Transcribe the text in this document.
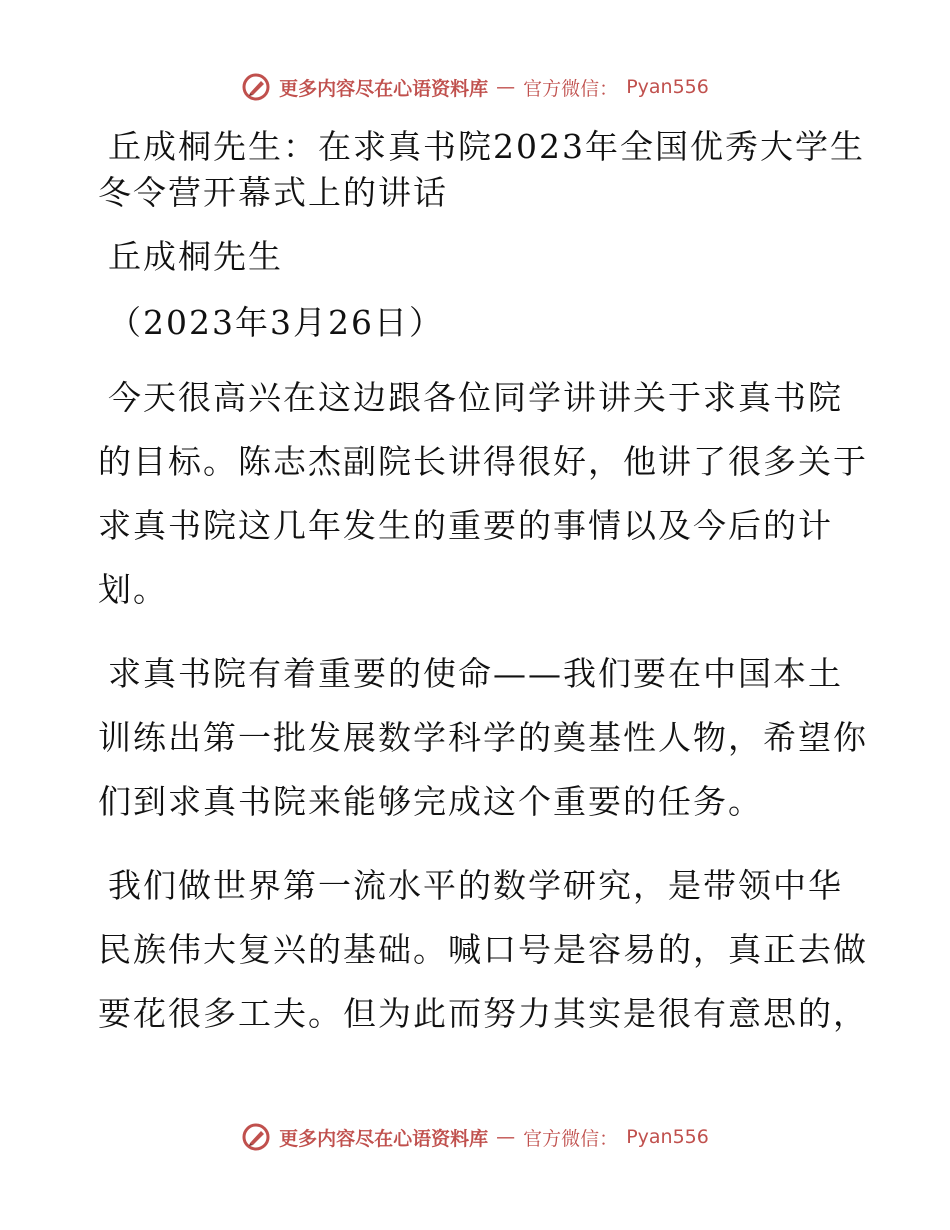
更多内容尽在心语资料库 — 官方微信： Pyan556
丘成桐先生：在求真书院2023年全国优秀大学生
冬令营开幕式上的讲话
丘成桐先生
（2023年3月26日）
今天很高兴在这边跟各位同学讲讲关于求真书院
的目标。陈志杰副院长讲得很好，他讲了很多关于
求真书院这几年发生的重要的事情以及今后的计
划。
求真书院有着重要的使命——我们要在中国本土
训练出第一批发展数学科学的奠基性人物，希望你
们到求真书院来能够完成这个重要的任务。
我们做世界第一流水平的数学研究，是带领中华
民族伟大复兴的基础。喊口号是容易的，真正去做
要花很多工夫。但为此而努力其实是很有意思的，
更多内容尽在心语资料库 — 官方微信： Pyan556
